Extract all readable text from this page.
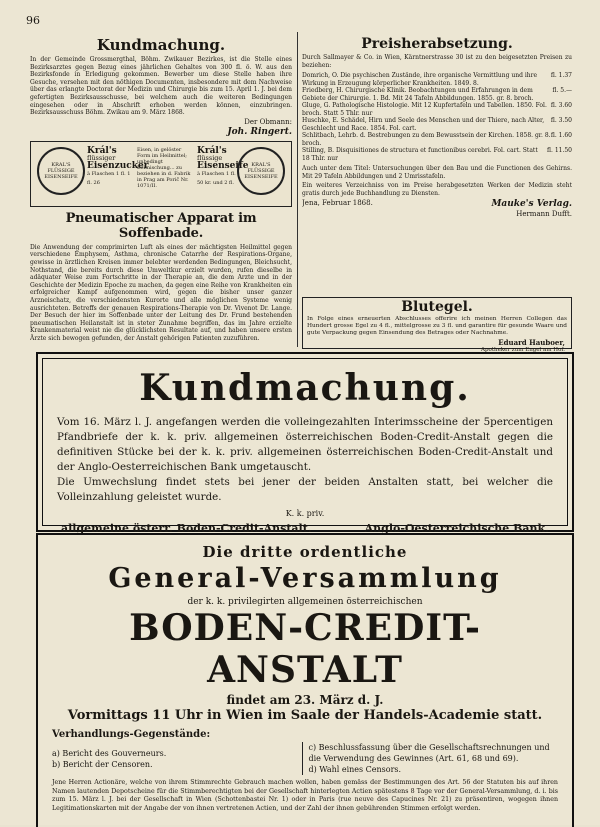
96
Kundmachung.

In der Gemeinde Grossmergthal, Böhm. Zwikauer Bezirkes, ist die Stelle eines Bezirksarztes gegen Bezug eines jährlichen Gehaltes von 300 fl. ö. W. aus den Bezirksfonde in Erledigung gekommen. Bewerber um diese Stelle haben ihre Gesuche, versehen mit den nöthigen Documenten, insbesondere mit dem Nachweise über das erlangte Doctorat der Medizin und Chirurgie bis zum 15. April 1. J. bei dem gefertigten Bezirksausschusse, bei welchem auch die weiteren Bedingungen eingesehen oder in Abschrift erhoben werden können, einzubringen. Bezirksausschuss Böhm. Zwikau am 9. März 1868.

Der Obmann:
Joh. Ringert.
KRAL'S FLÜSSIGE EISENSEIFE
Král's
flüssiger
Eisenzucker
à Flaschen 1 fl. 1 fl. 26
Eisen, in gelöster Form im Heilmittel; unbedingt Beimischung... zu beziehen in d. Fabrik in Prag am Porič Nr. 1071/II.
Král's
flüssige
Eisenseife
à Flaschen 1 fl. 50 kr. und 2 fl.
KRAL'S FLÜSSIGE EISENSEIFE
Pneumatischer Apparat im Soffenbade.

Die Anwendung der comprimirten Luft als eines der mächtigsten Heilmittel gegen verschiedene Emphysem, Asthma, chronische Catarrhe der Respirations-Organe, gewisse in ärztlichen Kreisen immer belebter werdenden Bedingungen, Bleichsucht, Nothstand, die bereits durch diese Umweltkur erzielt wurden, rufen dieselbe in adäquater Weise zum Fortschritte in der Therapie an, die dem Arzte und in der Geschichte der Medizin Epoche zu machen, da gegen eine Reihe von Krankheiten ein erfolgreicher Kampf aufgenommen wird, gegen die bisher unser ganzer Arzneischatz, die verschiedensten Kurorte und alle möglichen Systeme wenig ausrichteten. Betreffs der genauen Respirations-Therapie von Dr. Vivenot Dr. Lange. Der Besuch der hier im Soffenbade unter der Leitung des Dr. Frund bestehenden pneumatischen Heilanstalt ist in steter Zunahme begriffen, das im Jahre erzielte Krankenmaterial weist nie die glücklichsten Resultate auf, und haben unsere ersten Ärzte sich bewogen gefunden, der Anstalt gehörigen Patienten zuzuführen.

Preisherabsetzung.

Durch Sallmayer & Co. in Wien, Kärntnerstrasse 30 ist zu den beigesetzten Preisen zu beziehen:

Domrich, O. Die psychischen Zustände, ihre organische Vermittlung und ihre Wirkung in Erzeugung körperlicher Krankheiten. 1849. 8.
fl. 1.37
Friedberg, H. Chirurgische Klinik. Beobachtungen und Erfahrungen in dem Gebiete der Chirurgie. 1. Bd. Mit 24 Tafeln Abbildungen. 1855. gr. 8. broch.
fl. 5.—
Gluge, G. Pathologische Histologie. Mit 12 Kupfertafeln und Tabellen. 1850. Fol. broch. Statt 5 Thlr. nur
fl. 3.60
Huschke, E. Schädel, Hirn und Seele des Menschen und der Thiere, nach Alter, Geschlecht und Race. 1854. Fol. cart.
fl. 3.50
Schlitbach, Lehrb. d. Bestrebungen zu dem Bewusstsein der Kirchen. 1858. gr. 8. broch.
fl. 1.60
Stilling, B. Disquisitiones de structura et functionibus cerebri. Fol. cart. Statt 18 Thlr. nur
fl. 11.50

Auch unter dem Titel: Untersuchungen über den Bau und die Functionen des Gehirns. Mit 29 Tafeln Abbildungen und 2 Umrisstafeln.

Ein weiteres Verzeichniss von im Preise herabgesetzten Werken der Medizin steht gratis durch jede Buchhandlung zu Diensten.

Jena, Februar 1868.	Mauke's Verlag.
Hermann Dufft.
Blutegel.

In Folge eines erneuerten Abschlusses offerire ich meinen Herren Collegen das Hundert grosse Egel zu 4 fl., mittelgrosse zu 3 fl. und garantire für gesunde Waare und gute Verpackung gegen Einsendung des Betrages oder Nachnahme.

Eduard Hauboer,
Apotheker zum Engel am Hof.
Kundmachung.
Vom 16. März l. J. angefangen werden die volleingezahlten Interimsscheine der 5percentigen Pfandbriefe der k. k. priv. allgemeinen österreichischen Boden-Credit-Anstalt gegen die definitiven Stücke bei der k. k. priv. allgemeinen österreichischen Boden-Credit-Anstalt und der Anglo-Oesterreichischen Bank umgetauscht.
Die Umwechslung findet stets bei jener der beiden Anstalten statt, bei welcher die Volleinzahlung geleistet wurde.
K. k. priv.
allgemeine österr. Boden-Credit-Anstalt.	Anglo-Oesterreichische Bank.
Die dritte ordentliche
General-Versammlung
der k. k. privilegirten allgemeinen österreichischen
BODEN-CREDIT-ANSTALT
findet am 23. März d. J.
Vormittags 11 Uhr in Wien im Saale der Handels-Academie statt.
Verhandlungs-Gegenstände:
a) Bericht des Gouverneurs.
b) Bericht der Censoren.
c) Beschlussfassung über die Gesellschaftsrechnungen und die Verwendung des Gewinnes (Art. 61, 68 und 69).
d) Wahl eines Censors.
Jene Herren Actionäre, welche von ihrem Stimmrechte Gebrauch machen wollen, haben gemäss der Bestimmungen des Art. 56 der Statuten bis auf ihren Namen lautenden Depotscheine für die Stimmberechtigten bei der Gesellschaft hinterlegten Actien spätestens 8 Tage vor der General-Versammlung, d. i. bis zum 15. März l. J. bei der Gesellschaft in Wien (Schottenbastei Nr. 1) oder in Paris (rue neuve des Capucines Nr. 21) zu präsentiren, wogegen ihnen Legitimationskarten mit der Angabe der von ihnen vertretenen Actien, und der Zahl der ihnen gebührenden Stimmen erfolgt werden.
